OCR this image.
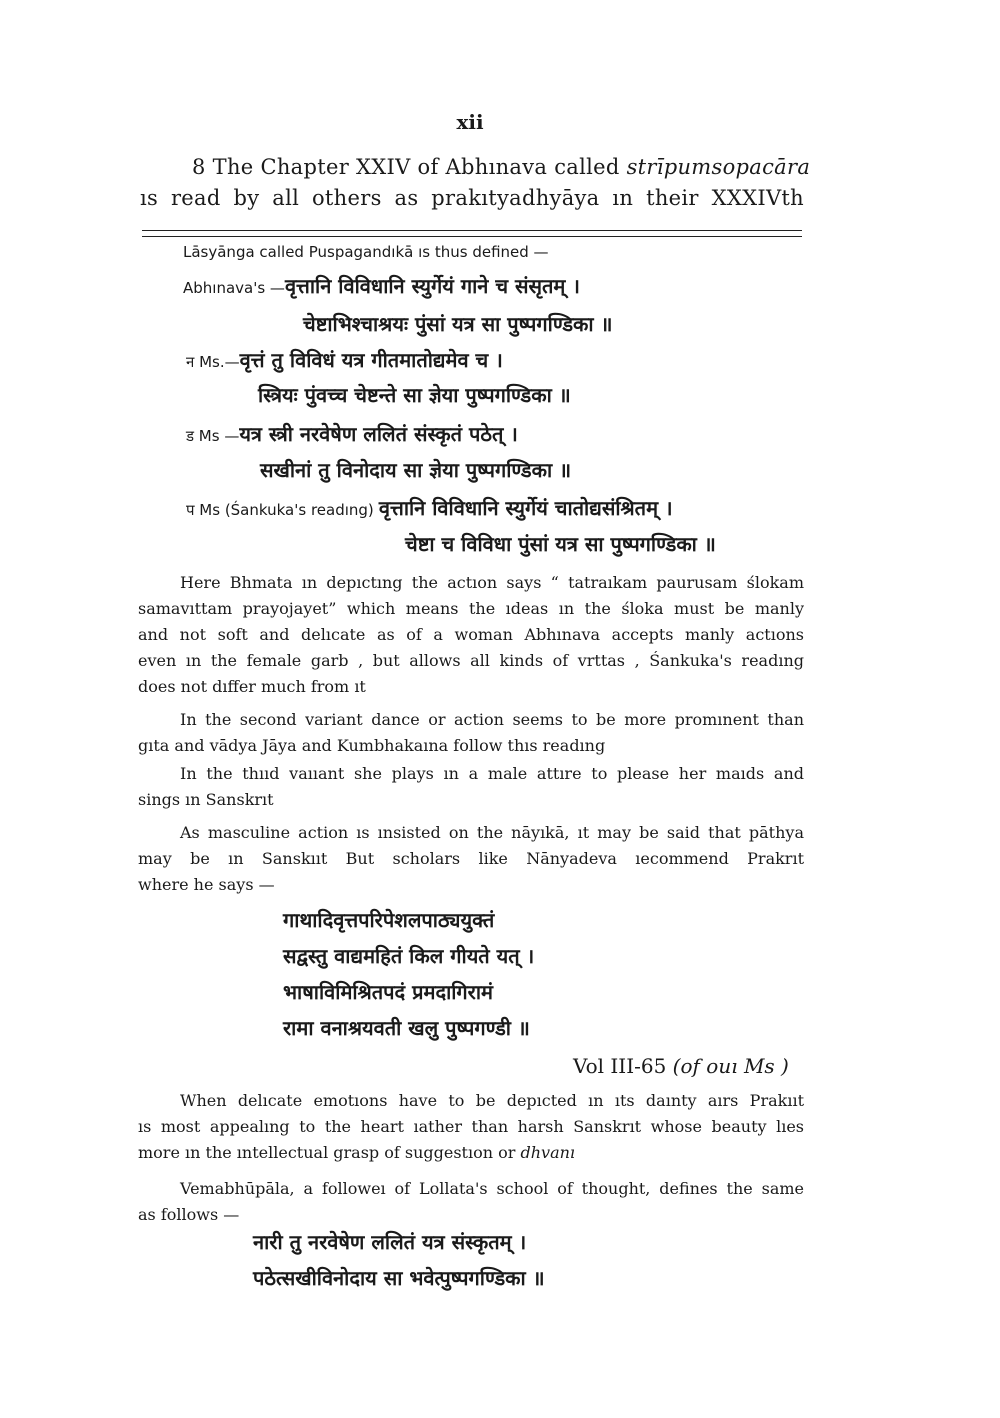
xii
8 The Chapter XXIV of Abhınava called strīpumsopacāra
ıs read by all others as prakıtyadhyāya ın their XXXIVth
Lāsyānga called Puspagandıkā ıs thus defined —
Abhınava's —वृत्तानि विविधानि स्युर्गेयं गाने च संसृतम् ।
चेष्टाभिश्चाश्रयः पुंसां यत्र सा पुष्पगण्डिका ॥
न Ms.—वृत्तं तु विविधं यत्र गीतमातोद्यमेव च ।
स्त्रियः पुंवच्च चेष्टन्ते सा ज्ञेया पुष्पगण्डिका ॥
ड Ms —यत्र स्त्री नरवेषेण ललितं संस्कृतं पठेत् ।
सखीनां तु विनोदाय सा ज्ञेया पुष्पगण्डिका ॥
प Ms (Śankuka's readıng) वृत्तानि विविधानि स्युर्गेयं चातोद्यसंश्रितम् ।
चेष्टा च विविधा पुंसां यत्र सा पुष्पगण्डिका ॥

Here Bhmata ın depıctıng the actıon says “ tatraıkam paurusam ślokam

samavıttam prayojayet” which means the ıdeas ın the śloka must be manly

and not soft and delıcate as of a woman Abhınava accepts manly actıons

even ın the female garb , but allows all kinds of vrttas , Śankuka's readıng

does not dıffer much from ıt

In the second variant dance or action seems to be more promınent than

gıta and vādya Jāya and Kumbhakaına follow thıs readıng

In the thııd vaııant she plays ın a male attıre to please her maıds and

sings ın Sanskrıt

As masculine action ıs ınsisted on the nāyıkā, ıt may be said that pāthya

may be ın Sanskııt But scholars like Nānyadeva ıecommend Prakrıt

where he says —

गाथादिवृत्तपरिपेशलपाठ्ययुक्तं
सद्वस्तु वाद्यमहितं किल गीयते यत् ।
भाषाविमिश्रितपदं प्रमदागिरामं
रामा वनाश्रयवती खलु पुष्पगण्डी ॥
Vol III-65 (of ouı Ms )

When delıcate emotıons have to be depıcted ın ıts daınty aırs Prakııt

ıs most appealıng to the heart ıather than harsh Sanskrıt whose beauty lıes

more ın the ıntellectual grasp of suggestıon or dhvanı

Vemabhūpāla, a followeı of Lollata's school of thought, defines the same

as follows —

नारी तु नरवेषेण ललितं यत्र संस्कृतम् ।
पठेत्सखीविनोदाय सा भवेत्पुष्पगण्डिका ॥
